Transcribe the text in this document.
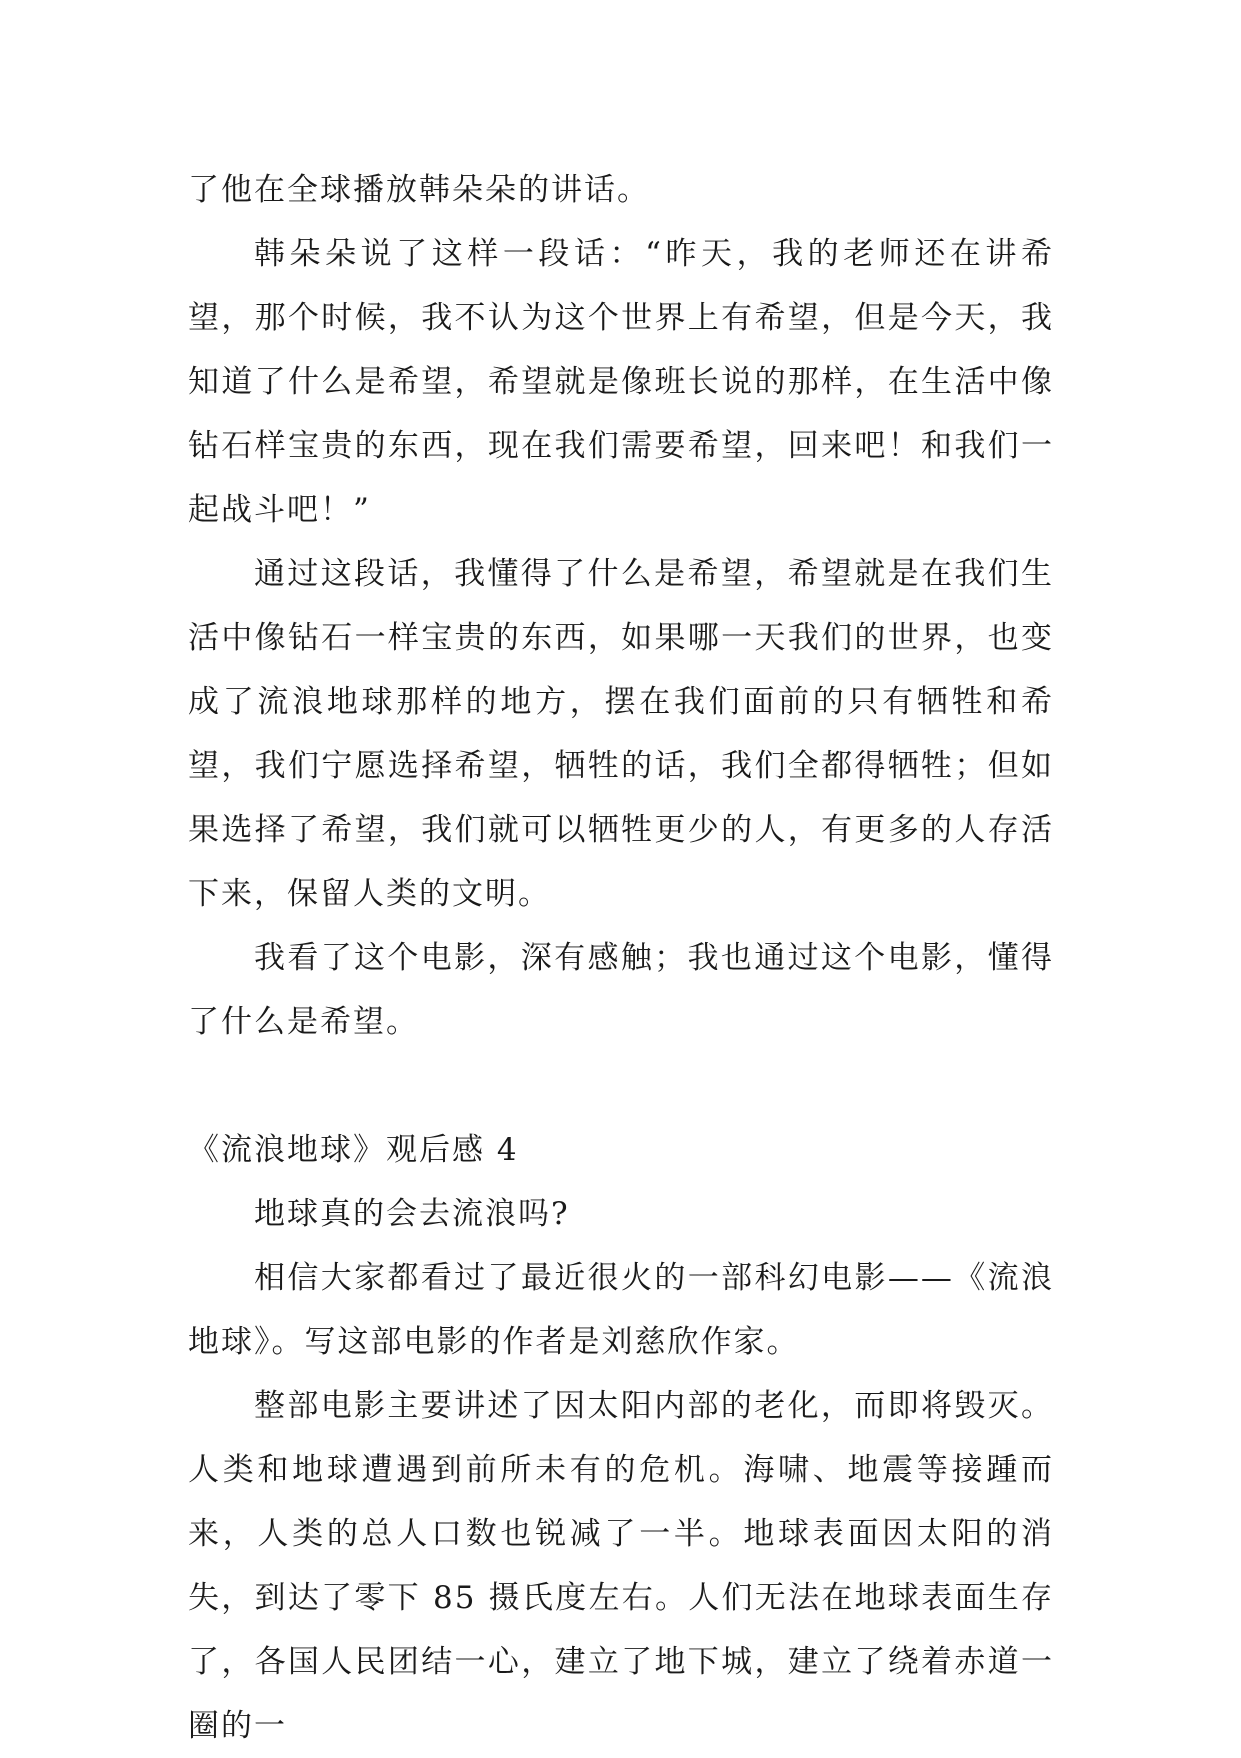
了他在全球播放韩朵朵的讲话。

韩朵朵说了这样一段话：“昨天，我的老师还在讲希望，那个时候，我不认为这个世界上有希望，但是今天，我知道了什么是希望，希望就是像班长说的那样，在生活中像钻石样宝贵的东西，现在我们需要希望，回来吧！和我们一起战斗吧！”

通过这段话，我懂得了什么是希望，希望就是在我们生活中像钻石一样宝贵的东西，如果哪一天我们的世界，也变成了流浪地球那样的地方，摆在我们面前的只有牺牲和希望，我们宁愿选择希望，牺牲的话，我们全都得牺牲；但如果选择了希望，我们就可以牺牲更少的人，有更多的人存活下来，保留人类的文明。

我看了这个电影，深有感触；我也通过这个电影，懂得了什么是希望。

《流浪地球》观后感 4

地球真的会去流浪吗?

相信大家都看过了最近很火的一部科幻电影——《流浪地球》。写这部电影的作者是刘慈欣作家。

整部电影主要讲述了因太阳内部的老化，而即将毁灭。人类和地球遭遇到前所未有的危机。海啸、地震等接踵而来，人类的总人口数也锐减了一半。地球表面因太阳的消失，到达了零下 85 摄氏度左右。人们无法在地球表面生存了，各国人民团结一心，建立了地下城，建立了绕着赤道一圈的一
